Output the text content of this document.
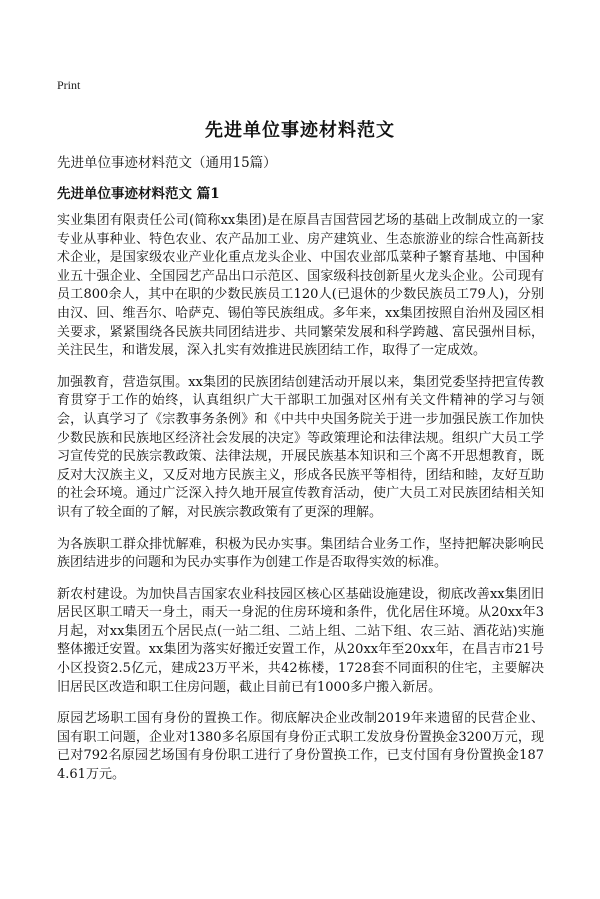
Print
先进单位事迹材料范文
先进单位事迹材料范文（通用15篇）
先进单位事迹材料范文 篇1

实业集团有限责任公司(简称xx集团)是在原昌吉国营园艺场的基础上改制成立的一家专业从事种业、特色农业、农产品加工业、房产建筑业、生态旅游业的综合性高新技术企业，是国家级农业产业化重点龙头企业、中国农业部瓜菜种子繁育基地、中国种业五十强企业、全国园艺产品出口示范区、国家级科技创新星火龙头企业。公司现有员工800余人，其中在职的少数民族员工120人(已退休的少数民族员工79人)，分别由汉、回、维吾尔、哈萨克、锡伯等民族组成。多年来，xx集团按照自治州及园区相关要求，紧紧围绕各民族共同团结进步、共同繁荣发展和科学跨越、富民强州目标，关注民生，和谐发展，深入扎实有效推进民族团结工作，取得了一定成效。

加强教育，营造氛围。xx集团的民族团结创建活动开展以来，集团党委坚持把宣传教育贯穿于工作的始终，认真组织广大干部职工加强对区州有关文件精神的学习与领会，认真学习了《宗教事务条例》和《中共中央国务院关于进一步加强民族工作加快少数民族和民族地区经济社会发展的决定》等政策理论和法律法规。组织广大员工学习宣传党的民族宗教政策、法律法规，开展民族基本知识和三个离不开思想教育，既反对大汉族主义，又反对地方民族主义，形成各民族平等相待，团结和睦，友好互助的社会环境。通过广泛深入持久地开展宣传教育活动，使广大员工对民族团结相关知识有了较全面的了解，对民族宗教政策有了更深的理解。

为各族职工群众排忧解难，积极为民办实事。集团结合业务工作，坚持把解决影响民族团结进步的问题和为民办实事作为创建工作是否取得实效的标准。

新农村建设。为加快昌吉国家农业科技园区核心区基础设施建设，彻底改善xx集团旧居民区职工晴天一身土，雨天一身泥的住房环境和条件，优化居住环境。从20xx年3月起，对xx集团五个居民点(一站二组、二站上组、二站下组、农三站、酒花站)实施整体搬迁安置。xx集团为落实好搬迁安置工作，从20xx年至20xx年，在昌吉市21号小区投资2.5亿元，建成23万平米，共42栋楼，1728套不同面积的住宅，主要解决旧居民区改造和职工住房问题，截止目前已有1000多户搬入新居。

原园艺场职工国有身份的置换工作。彻底解决企业改制2019年来遗留的民营企业、国有职工问题，企业对1380多名原国有身份正式职工发放身份置换金3200万元，现已对792名原园艺场国有身份职工进行了身份置换工作，已支付国有身份置换金1874.61万元。
